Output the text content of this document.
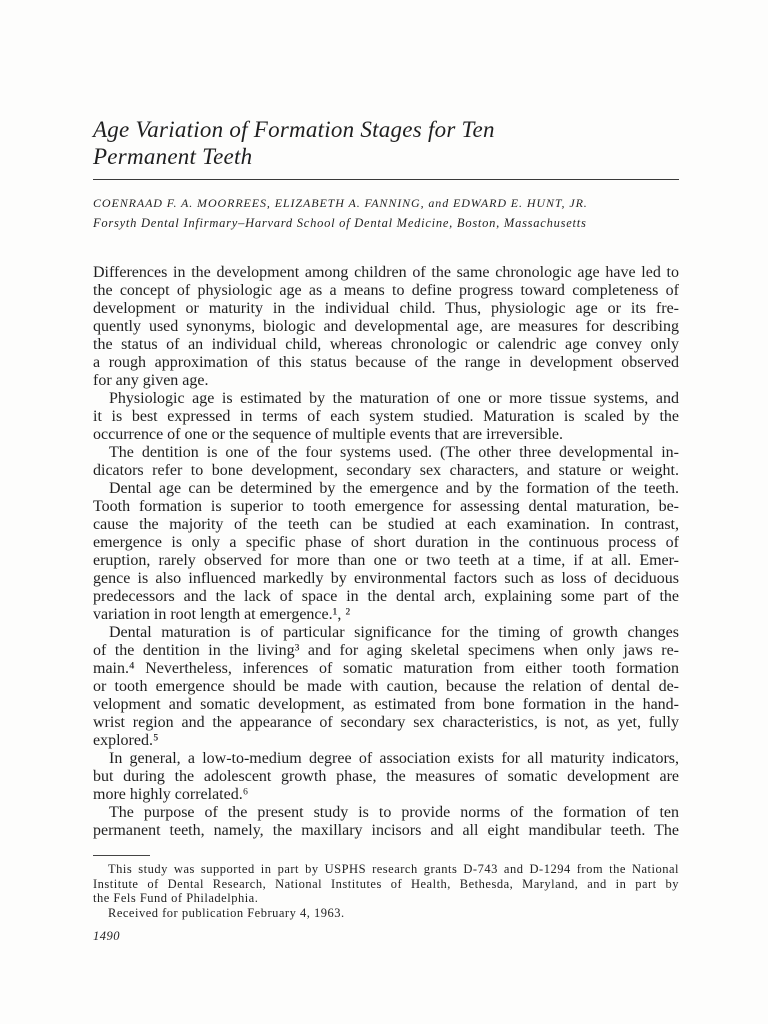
Age Variation of Formation Stages for Ten
Permanent Teeth
COENRAAD F. A. MOORREES, ELIZABETH A. FANNING, and EDWARD E. HUNT, JR.
Forsyth Dental Infirmary–Harvard School of Dental Medicine, Boston, Massachusetts
Differences in the development among children of the same chronologic age have led to
the concept of physiologic age as a means to define progress toward completeness of
development or maturity in the individual child. Thus, physiologic age or its fre-
quently used synonyms, biologic and developmental age, are measures for describing
the status of an individual child, whereas chronologic or calendric age convey only
a rough approximation of this status because of the range in development observed
for any given age.
Physiologic age is estimated by the maturation of one or more tissue systems, and
it is best expressed in terms of each system studied. Maturation is scaled by the
occurrence of one or the sequence of multiple events that are irreversible.
The dentition is one of the four systems used. (The other three developmental in-
dicators refer to bone development, secondary sex characters, and stature or weight.
Dental age can be determined by the emergence and by the formation of the teeth.
Tooth formation is superior to tooth emergence for assessing dental maturation, be-
cause the majority of the teeth can be studied at each examination. In contrast,
emergence is only a specific phase of short duration in the continuous process of
eruption, rarely observed for more than one or two teeth at a time, if at all. Emer-
gence is also influenced markedly by environmental factors such as loss of deciduous
predecessors and the lack of space in the dental arch, explaining some part of the
variation in root length at emergence.¹, ²
Dental maturation is of particular significance for the timing of growth changes
of the dentition in the living³ and for aging skeletal specimens when only jaws re-
main.⁴ Nevertheless, inferences of somatic maturation from either tooth formation
or tooth emergence should be made with caution, because the relation of dental de-
velopment and somatic development, as estimated from bone formation in the hand-
wrist region and the appearance of secondary sex characteristics, is not, as yet, fully
explored.⁵
In general, a low-to-medium degree of association exists for all maturity indicators,
but during the adolescent growth phase, the measures of somatic development are
more highly correlated.⁶
The purpose of the present study is to provide norms of the formation of ten
permanent teeth, namely, the maxillary incisors and all eight mandibular teeth. The
This study was supported in part by USPHS research grants D-743 and D-1294 from the National
Institute of Dental Research, National Institutes of Health, Bethesda, Maryland, and in part by
the Fels Fund of Philadelphia.
Received for publication February 4, 1963.
1490
